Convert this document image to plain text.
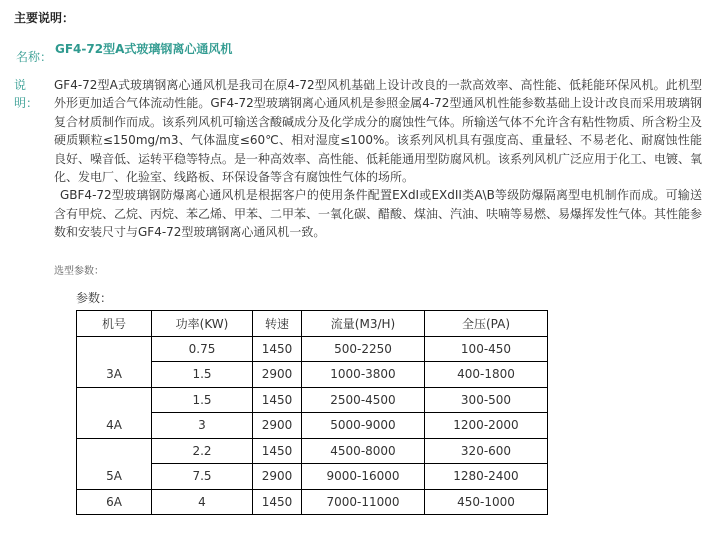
主要说明：
名称：
GF4-72型A式玻璃钢离心通风机
说明：

GF4-72型A式玻璃钢离心通风机是我司在原4-72型风机基础上设计改良的一款高效率、高性能、低耗能环保风机。此机型外形更加适合气体流动性能。GF4-72型玻璃钢离心通风机是参照金属4-72型通风机性能参数基础上设计改良而采用玻璃钢复合材质制作而成。该系列风机可输送含酸碱成分及化学成分的腐蚀性气体。所输送气体不允许含有粘性物质、所含粉尘及硬质颗粒≤150mg/m3、气体温度≤60℃、相对湿度≤100%。该系列风机具有强度高、重量轻、不易老化、耐腐蚀性能良好、噪音低、运转平稳等特点。是一种高效率、高性能、低耗能通用型防腐风机。该系列风机广泛应用于化工、电镀、氧化、发电厂、化验室、线路板、环保设备等含有腐蚀性气体的场所。

GBF4-72型玻璃钢防爆离心通风机是根据客户的使用条件配置EXdI或EXdII类A\B等级防爆隔离型电机制作而成。可输送含有甲烷、乙烷、丙烷、苯乙烯、甲苯、二甲苯、一氧化碳、醋酸、煤油、汽油、呋喃等易燃、易爆挥发性气体。其性能参数和安装尺寸与GF4-72型玻璃钢离心通风机一致。

选型参数：
参数：
机号	功率(KW)	转速	流量(M3/H)	全压(PA)
3A	0.75	1450	500-2250	100-450
	1.5	2900	1000-3800	400-1800
4A	1.5	1450	2500-4500	300-500
	3	2900	5000-9000	1200-2000
5A	2.2	1450	4500-8000	320-600
	7.5	2900	9000-16000	1280-2400
6A	4	1450	7000-11000	450-1000
